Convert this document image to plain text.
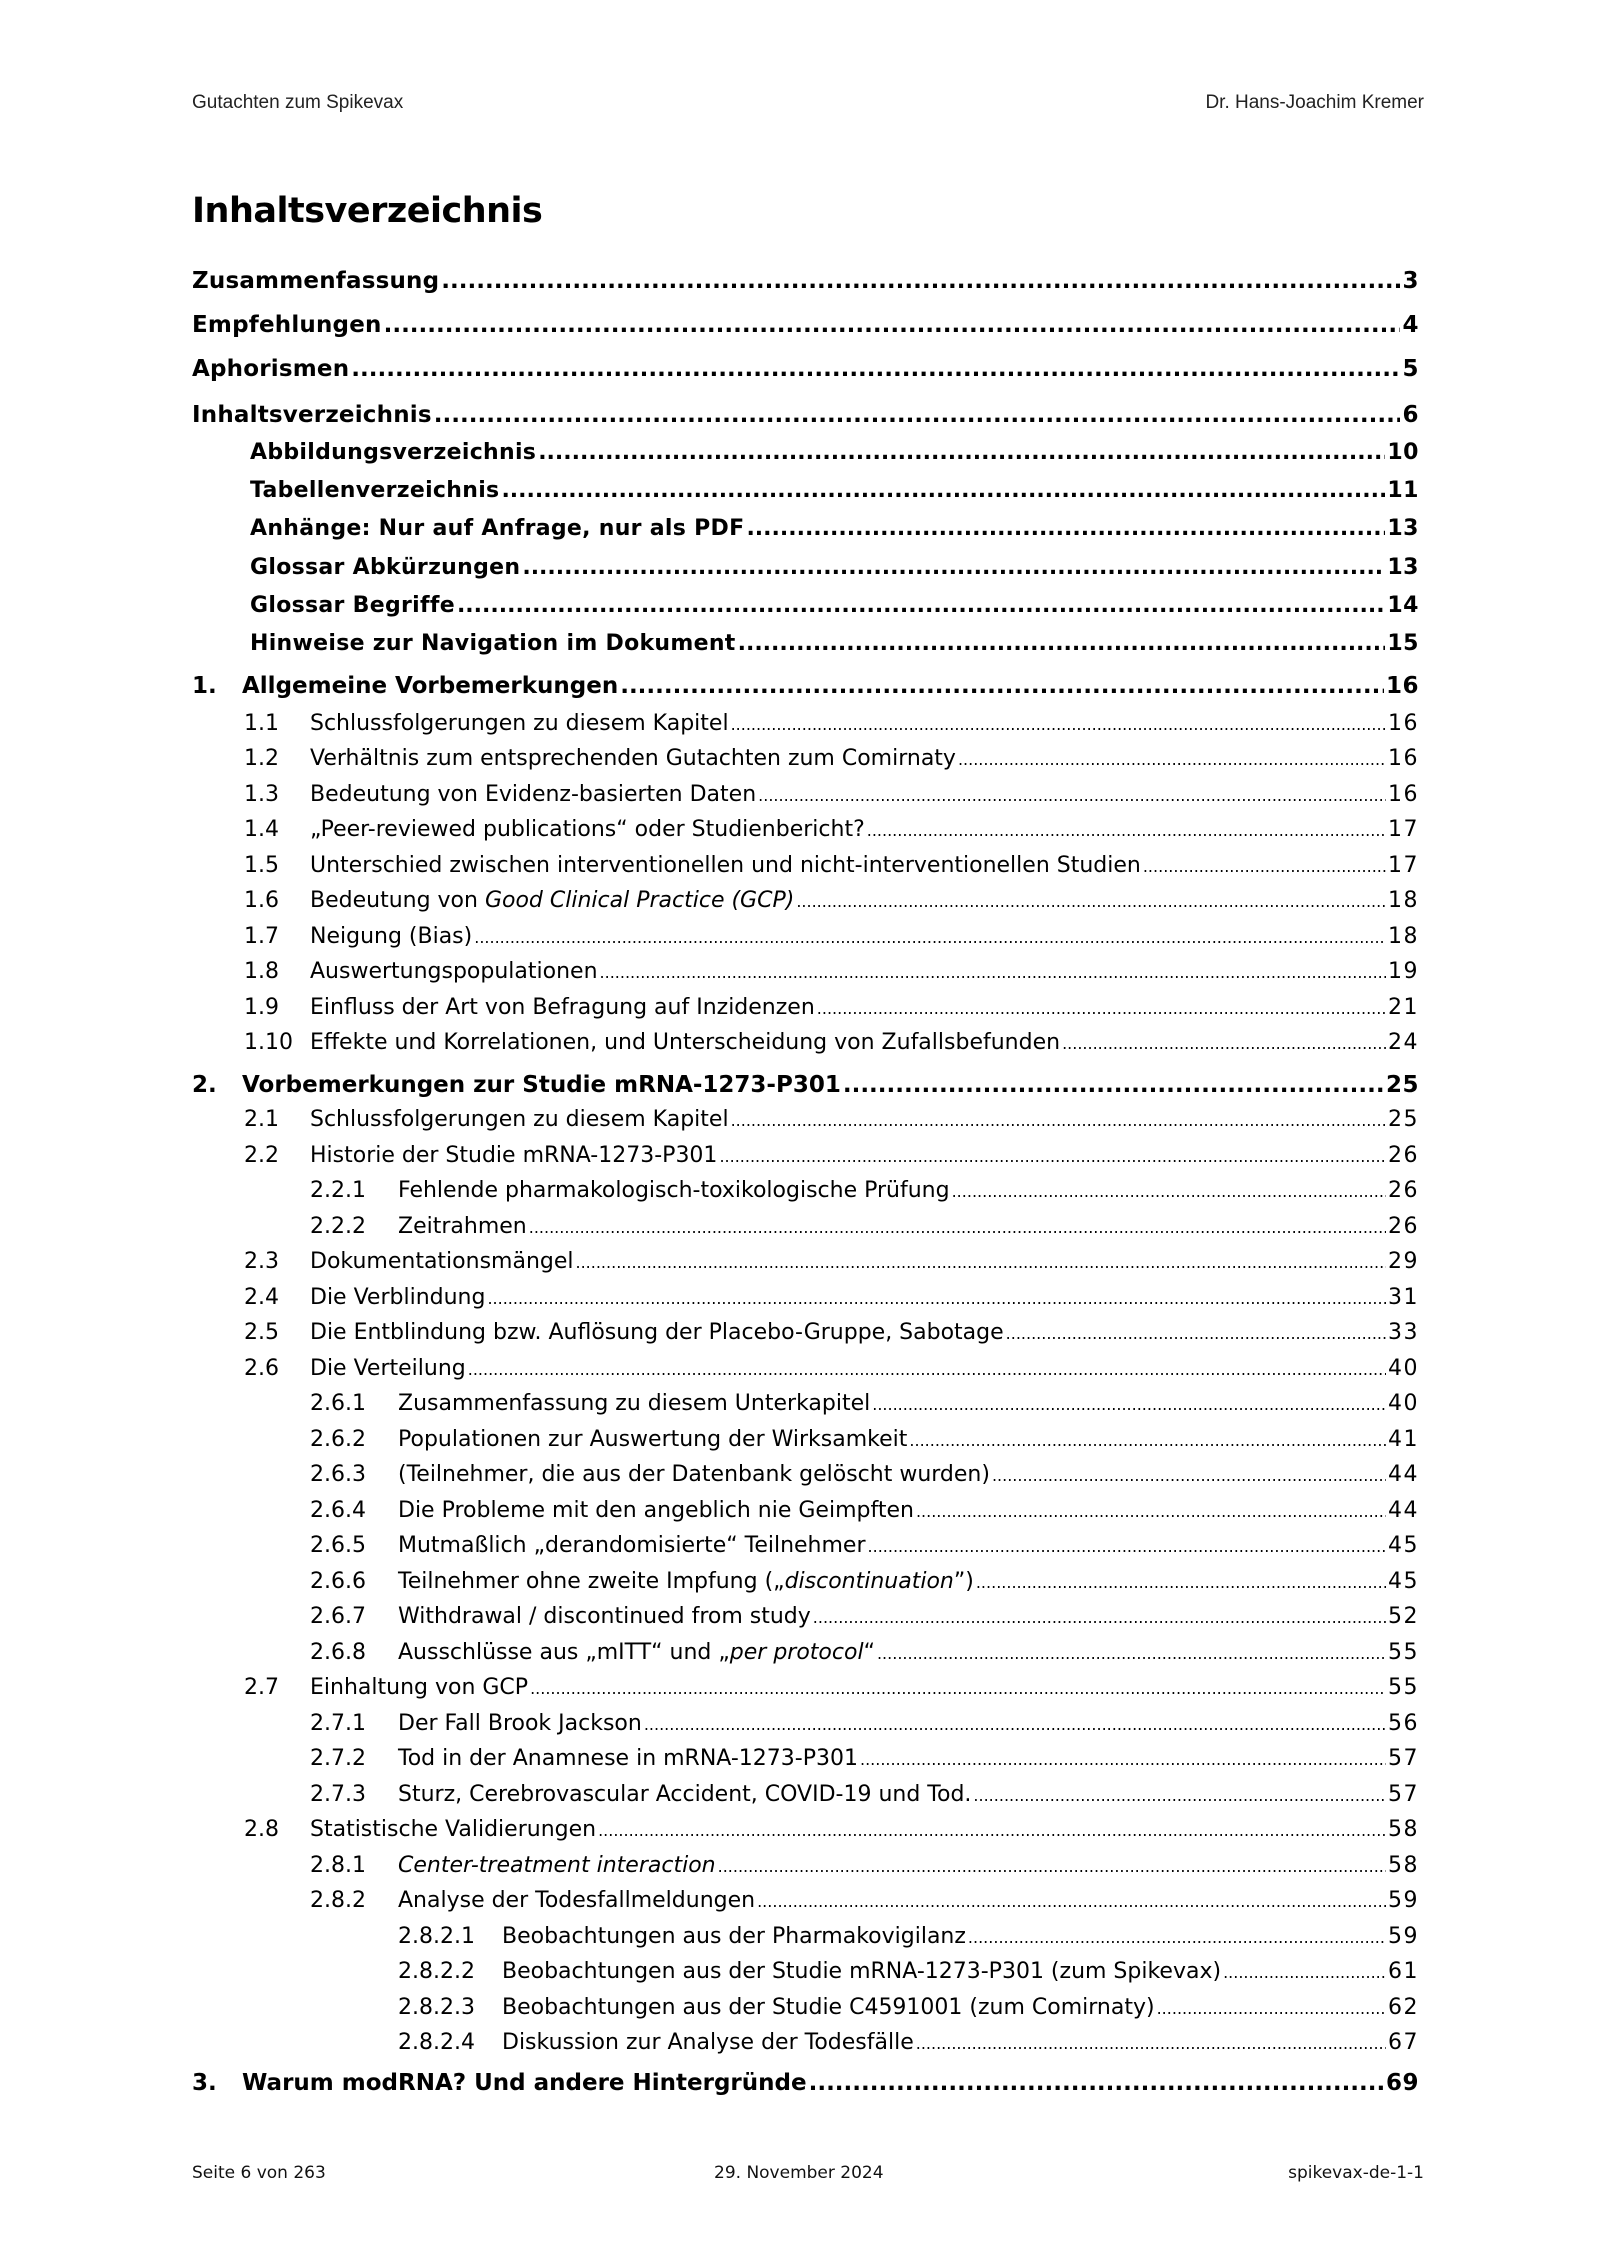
Gutachten zum Spikevax	Dr. Hans-Joachim Kremer
Inhaltsverzeichnis
Zusammenfassung .....	3
Empfehlungen .....	4
Aphorismen .....	5
Inhaltsverzeichnis .....	6
Abbildungsverzeichnis .....	10
Tabellenverzeichnis .....	11
Anhänge: Nur auf Anfrage, nur als PDF .....	13
Glossar Abkürzungen .....	13
Glossar Begriffe .....	14
Hinweise zur Navigation im Dokument .....	15
1.	Allgemeine Vorbemerkungen .....	16
1.1	Schlussfolgerungen zu diesem Kapitel .....	16
1.2	Verhältnis zum entsprechenden Gutachten zum Comirnaty .....	16
1.3	Bedeutung von Evidenz-basierten Daten .....	16
1.4	„Peer-reviewed publications“ oder Studienbericht? .....	17
1.5	Unterschied zwischen interventionellen und nicht-interventionellen Studien .....	17
1.6	Bedeutung von Good Clinical Practice (GCP) .....	18
1.7	Neigung (Bias) .....	18
1.8	Auswertungspopulationen .....	19
1.9	Einfluss der Art von Befragung auf Inzidenzen .....	21
1.10 Effekte und Korrelationen, und Unterscheidung von Zufallsbefunden .....	24
2.	Vorbemerkungen zur Studie mRNA-1273-P301 .....	25
2.1	Schlussfolgerungen zu diesem Kapitel .....	25
2.2	Historie der Studie mRNA-1273-P301 .....	26
2.2.1	Fehlende pharmakologisch-toxikologische Prüfung .....	26
2.2.2	Zeitrahmen .....	26
2.3	Dokumentationsmängel .....	29
2.4	Die Verblindung .....	31
2.5	Die Entblindung bzw. Auflösung der Placebo-Gruppe, Sabotage .....	33
2.6	Die Verteilung .....	40
2.6.1	Zusammenfassung zu diesem Unterkapitel .....	40
2.6.2	Populationen zur Auswertung der Wirksamkeit .....	41
2.6.3	(Teilnehmer, die aus der Datenbank gelöscht wurden) .....	44
2.6.4	Die Probleme mit den angeblich nie Geimpften .....	44
2.6.5	Mutmaßlich „derandomisierte“ Teilnehmer .....	45
2.6.6	Teilnehmer ohne zweite Impfung („discontinuation”) .....	45
2.6.7	Withdrawal / discontinued from study .....	52
2.6.8	Ausschlüsse aus „mITT“ und „per protocol“ .....	55
2.7	Einhaltung von GCP .....	55
2.7.1	Der Fall Brook Jackson .....	56
2.7.2	Tod in der Anamnese in mRNA-1273-P301 .....	57
2.7.3	Sturz, Cerebrovascular Accident, COVID-19 und Tod. .....	57
2.8	Statistische Validierungen .....	58
2.8.1	Center-treatment interaction .....	58
2.8.2	Analyse der Todesfallmeldungen .....	59
2.8.2.1	Beobachtungen aus der Pharmakovigilanz .....	59
2.8.2.2	Beobachtungen aus der Studie mRNA-1273-P301 (zum Spikevax) .....	61
2.8.2.3	Beobachtungen aus der Studie C4591001 (zum Comirnaty) .....	62
2.8.2.4	Diskussion zur Analyse der Todesfälle .....	67
3.	Warum modRNA? Und andere Hintergründe .....	69
Seite 6 von 263	29. November 2024	spikevax-de-1-1
